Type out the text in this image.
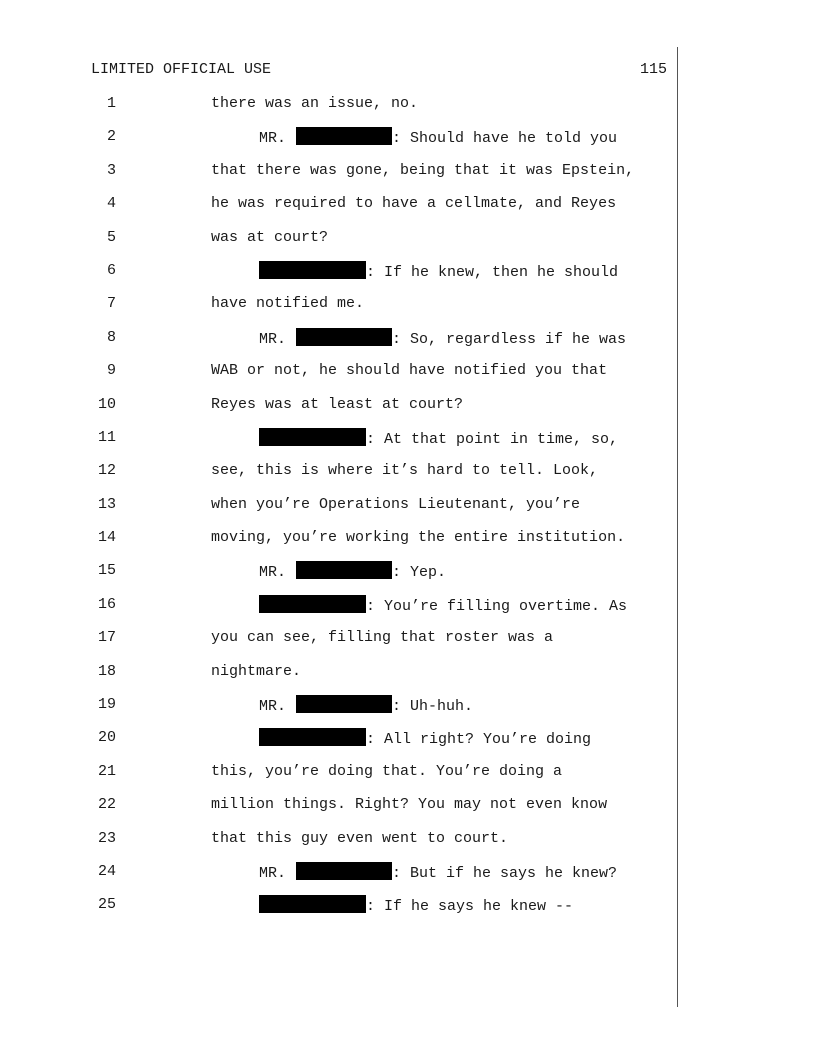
LIMITED OFFICIAL USE	115
1	there was an issue, no.
2	MR.	: Should have he told you
3	that there was gone, being that it was Epstein,
4	he was required to have a cellmate, and Reyes
5	was at court?
6	: If he knew, then he should
7	have notified me.
8	MR.	: So, regardless if he was
9	WAB or not, he should have notified you that
10	Reyes was at least at court?
11	: At that point in time, so,
12	see, this is where it’s hard to tell. Look,
13	when you’re Operations Lieutenant, you’re
14	moving, you’re working the entire institution.
15	MR.	: Yep.
16	: You’re filling overtime. As
17	you can see, filling that roster was a
18	nightmare.
19	MR.	: Uh-huh.
20	: All right? You’re doing
21	this, you’re doing that. You’re doing a
22	million things. Right? You may not even know
23	that this guy even went to court.
24	MR.	: But if he says he knew?
25	: If he says he knew --
